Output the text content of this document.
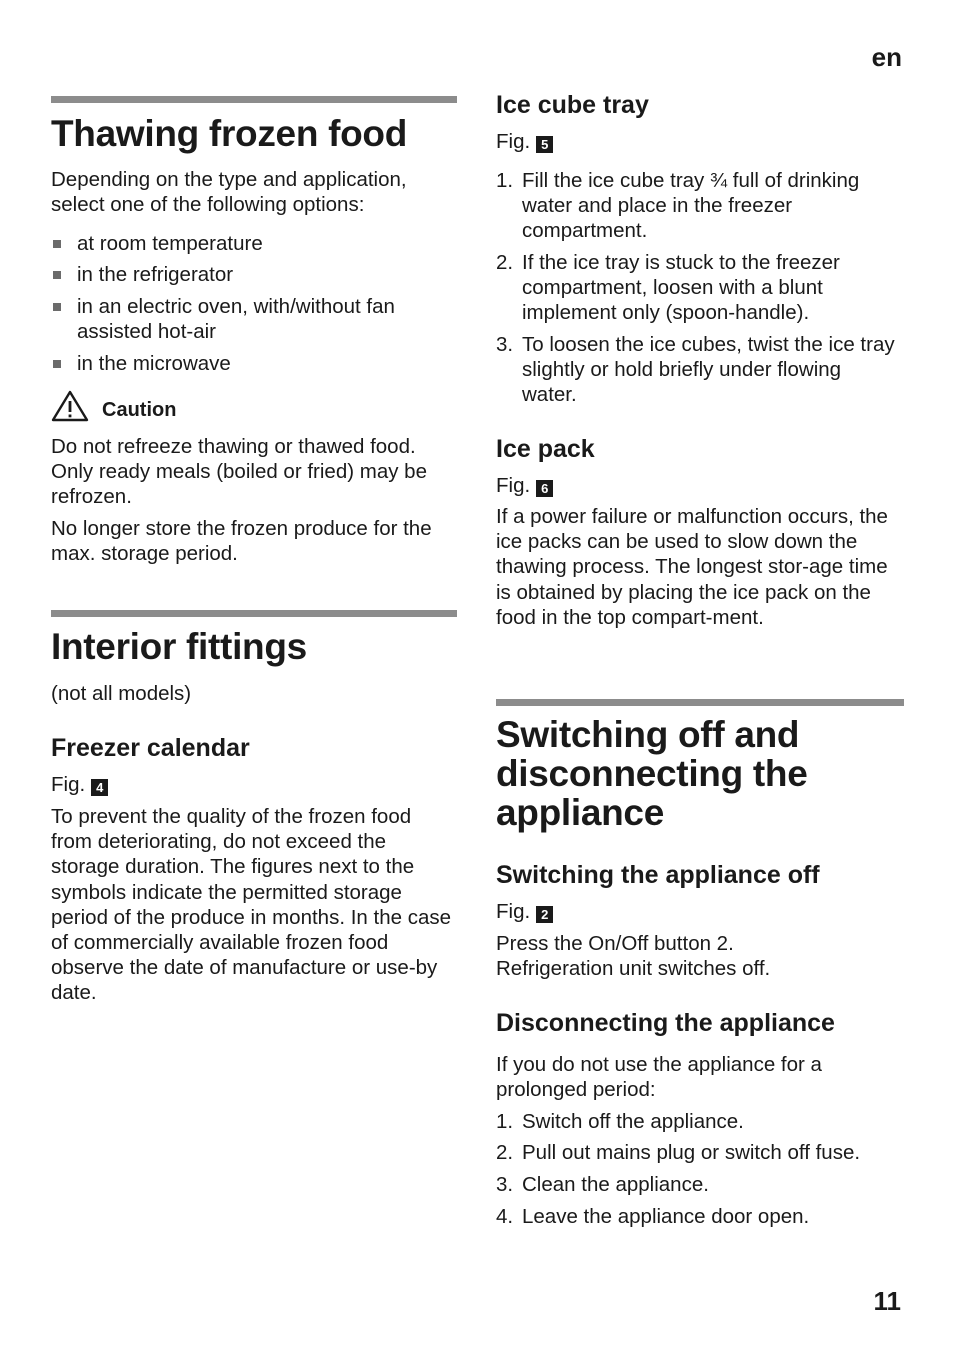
en
Thawing frozen food

Depending on the type and application, select one of the following options:

at room temperature
in the refrigerator
in an electric oven, with/without fan assisted hot-air
in the microwave
Caution

Do not refreeze thawing or thawed food. Only ready meals (boiled or fried) may be refrozen.

No longer store the frozen produce for the max. storage period.

Interior fittings

(not all models)

Freezer calendar
Fig. 4

To prevent the quality of the frozen food from deteriorating, do not exceed the storage duration. The figures next to the symbols indicate the permitted storage period of the produce in months. In the case of commercially available frozen food observe the date of manufacture or use-by date.

Ice cube tray
Fig. 5
1. Fill the ice cube tray ¾ full of drinking water and place in the freezer compartment.
2. If the ice tray is stuck to the freezer compartment, loosen with a blunt implement only (spoon-handle).
3. To loosen the ice cubes, twist the ice tray slightly or hold briefly under flowing water.
Ice pack
Fig. 6

If a power failure or malfunction occurs, the ice packs can be used to slow down the thawing process. The longest stor-age time is obtained by placing the ice pack on the food in the top compart-ment.

Switching off and disconnecting the appliance
Switching the appliance off
Fig. 2

Press the On/Off button 2. Refrigeration unit switches off.

Disconnecting the appliance

If you do not use the appliance for a prolonged period:

1. Switch off the appliance.
2. Pull out mains plug or switch off fuse.
3. Clean the appliance.
4. Leave the appliance door open.
11
